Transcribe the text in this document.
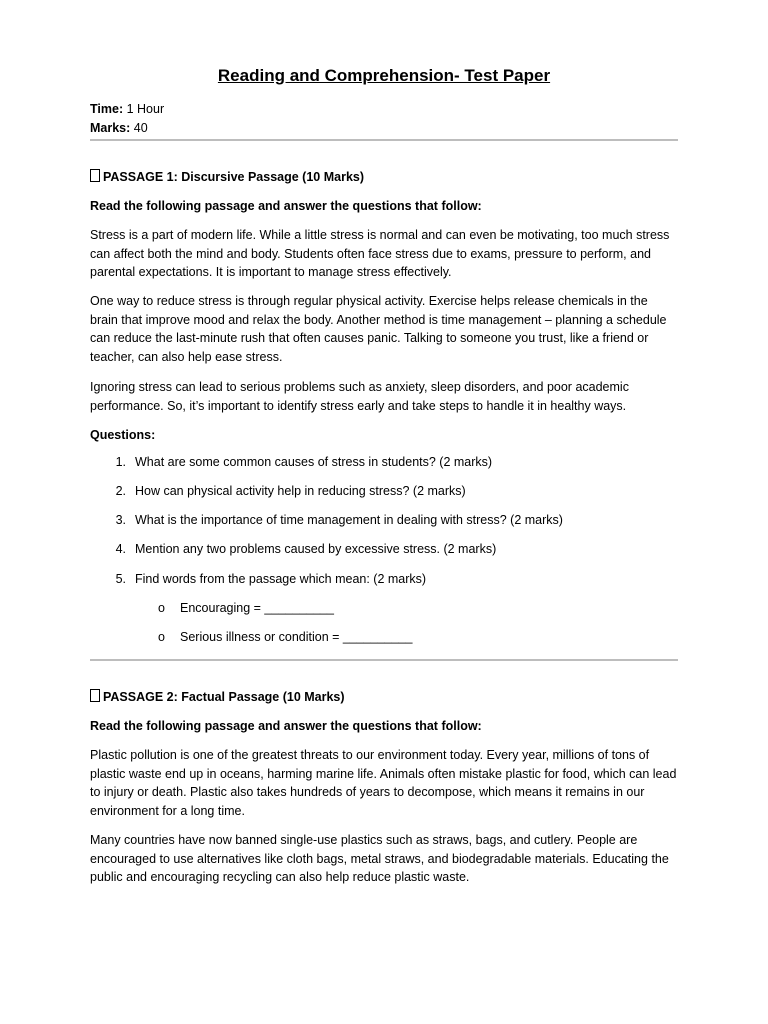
Reading and Comprehension- Test Paper

Time: 1 Hour

Marks: 40

PASSAGE 1: Discursive Passage (10 Marks)

Read the following passage and answer the questions that follow:

Stress is a part of modern life. While a little stress is normal and can even be motivating, too much stress can affect both the mind and body. Students often face stress due to exams, pressure to perform, and parental expectations. It is important to manage stress effectively.

One way to reduce stress is through regular physical activity. Exercise helps release chemicals in the brain that improve mood and relax the body. Another method is time management – planning a schedule can reduce the last-minute rush that often causes panic. Talking to someone you trust, like a friend or teacher, can also help ease stress.

Ignoring stress can lead to serious problems such as anxiety, sleep disorders, and poor academic performance. So, it’s important to identify stress early and take steps to handle it in healthy ways.

Questions:

1. What are some common causes of stress in students? (2 marks)
2. How can physical activity help in reducing stress? (2 marks)
3. What is the importance of time management in dealing with stress? (2 marks)
4. Mention any two problems caused by excessive stress. (2 marks)
5. Find words from the passage which mean: (2 marks)
o Encouraging = __________
o Serious illness or condition = __________

PASSAGE 2: Factual Passage (10 Marks)

Read the following passage and answer the questions that follow:

Plastic pollution is one of the greatest threats to our environment today. Every year, millions of tons of plastic waste end up in oceans, harming marine life. Animals often mistake plastic for food, which can lead to injury or death. Plastic also takes hundreds of years to decompose, which means it remains in our environment for a long time.

Many countries have now banned single-use plastics such as straws, bags, and cutlery. People are encouraged to use alternatives like cloth bags, metal straws, and biodegradable materials. Educating the public and encouraging recycling can also help reduce plastic waste.
